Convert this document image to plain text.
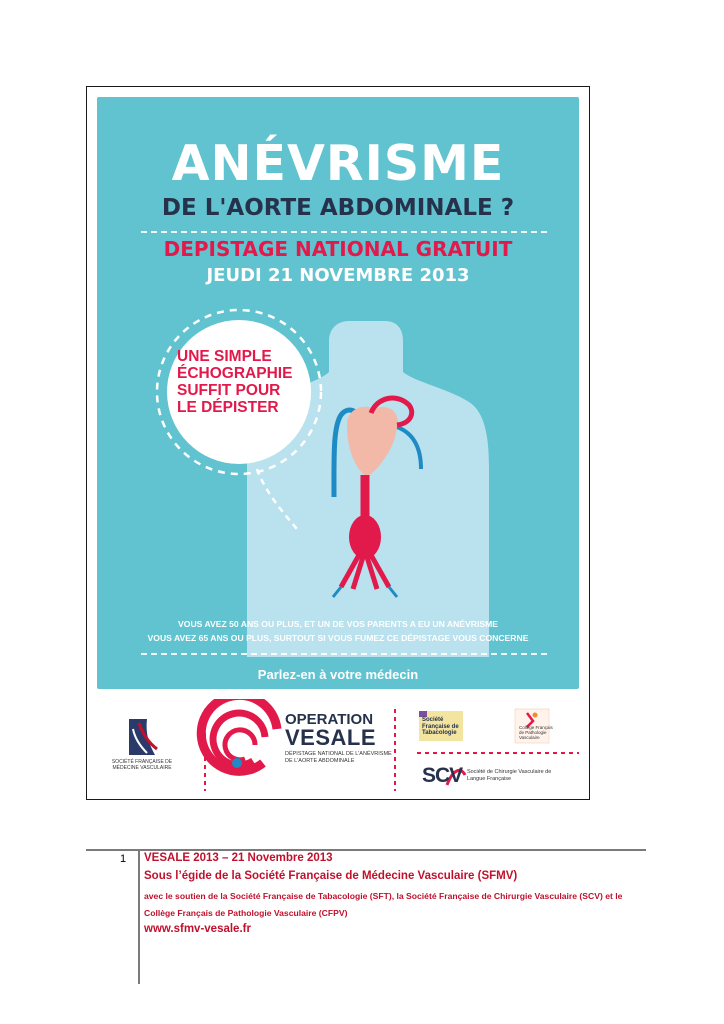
ANÉVRISME
DE L'AORTE ABDOMINALE ?
DEPISTAGE NATIONAL GRATUIT
JEUDI 21 NOVEMBRE 2013
UNE SIMPLE
ÉCHOGRAPHIE
SUFFIT POUR
LE DÉPISTER
VOUS AVEZ 50 ANS OU PLUS, ET UN DE VOS PARENTS A EU UN ANÉVRISME
VOUS AVEZ 65 ANS OU PLUS, SURTOUT SI VOUS FUMEZ CE DÉPISTAGE VOUS CONCERNE
Parlez-en à votre médecin
SOCIÉTÉ FRANÇAISE DE MÉDECINE VASCULAIRE
OPERATION
VESALE
DÉPISTAGE NATIONAL DE L'ANÉVRISME DE L'AORTE ABDOMINALE
Société Française de Tabacologie
Collège Français de Pathologie Vasculaire
SCV Société de Chirurgie Vasculaire de Langue Française
1 VESALE 2013 – 21 Novembre 2013
Sous l’égide de la Société Française de Médecine Vasculaire (SFMV)
avec le soutien de la Société Française de Tabacologie (SFT), la Société Française de Chirurgie Vasculaire (SCV) et le Collège Français de Pathologie Vasculaire (CFPV)
www.sfmv-vesale.fr
